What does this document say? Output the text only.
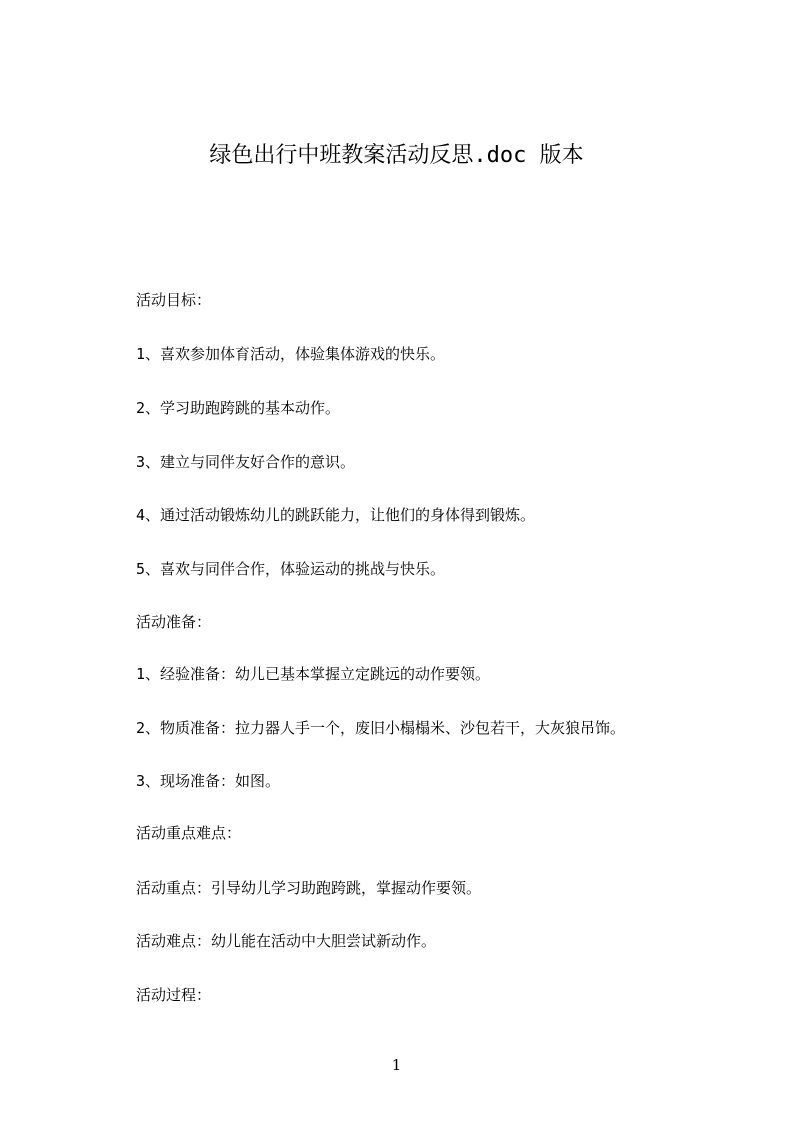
绿色出行中班教案活动反思.doc 版本
活动目标：
1、喜欢参加体育活动，体验集体游戏的快乐。
2、学习助跑跨跳的基本动作。
3、建立与同伴友好合作的意识。
4、通过活动锻炼幼儿的跳跃能力，让他们的身体得到锻炼。
5、喜欢与同伴合作，体验运动的挑战与快乐。
活动准备：
1、经验准备：幼儿已基本掌握立定跳远的动作要领。
2、物质准备：拉力器人手一个，废旧小榻榻米、沙包若干，大灰狼吊饰。
3、现场准备：如图。
活动重点难点：
活动重点：引导幼儿学习助跑跨跳，掌握动作要领。
活动难点：幼儿能在活动中大胆尝试新动作。
活动过程：
1
